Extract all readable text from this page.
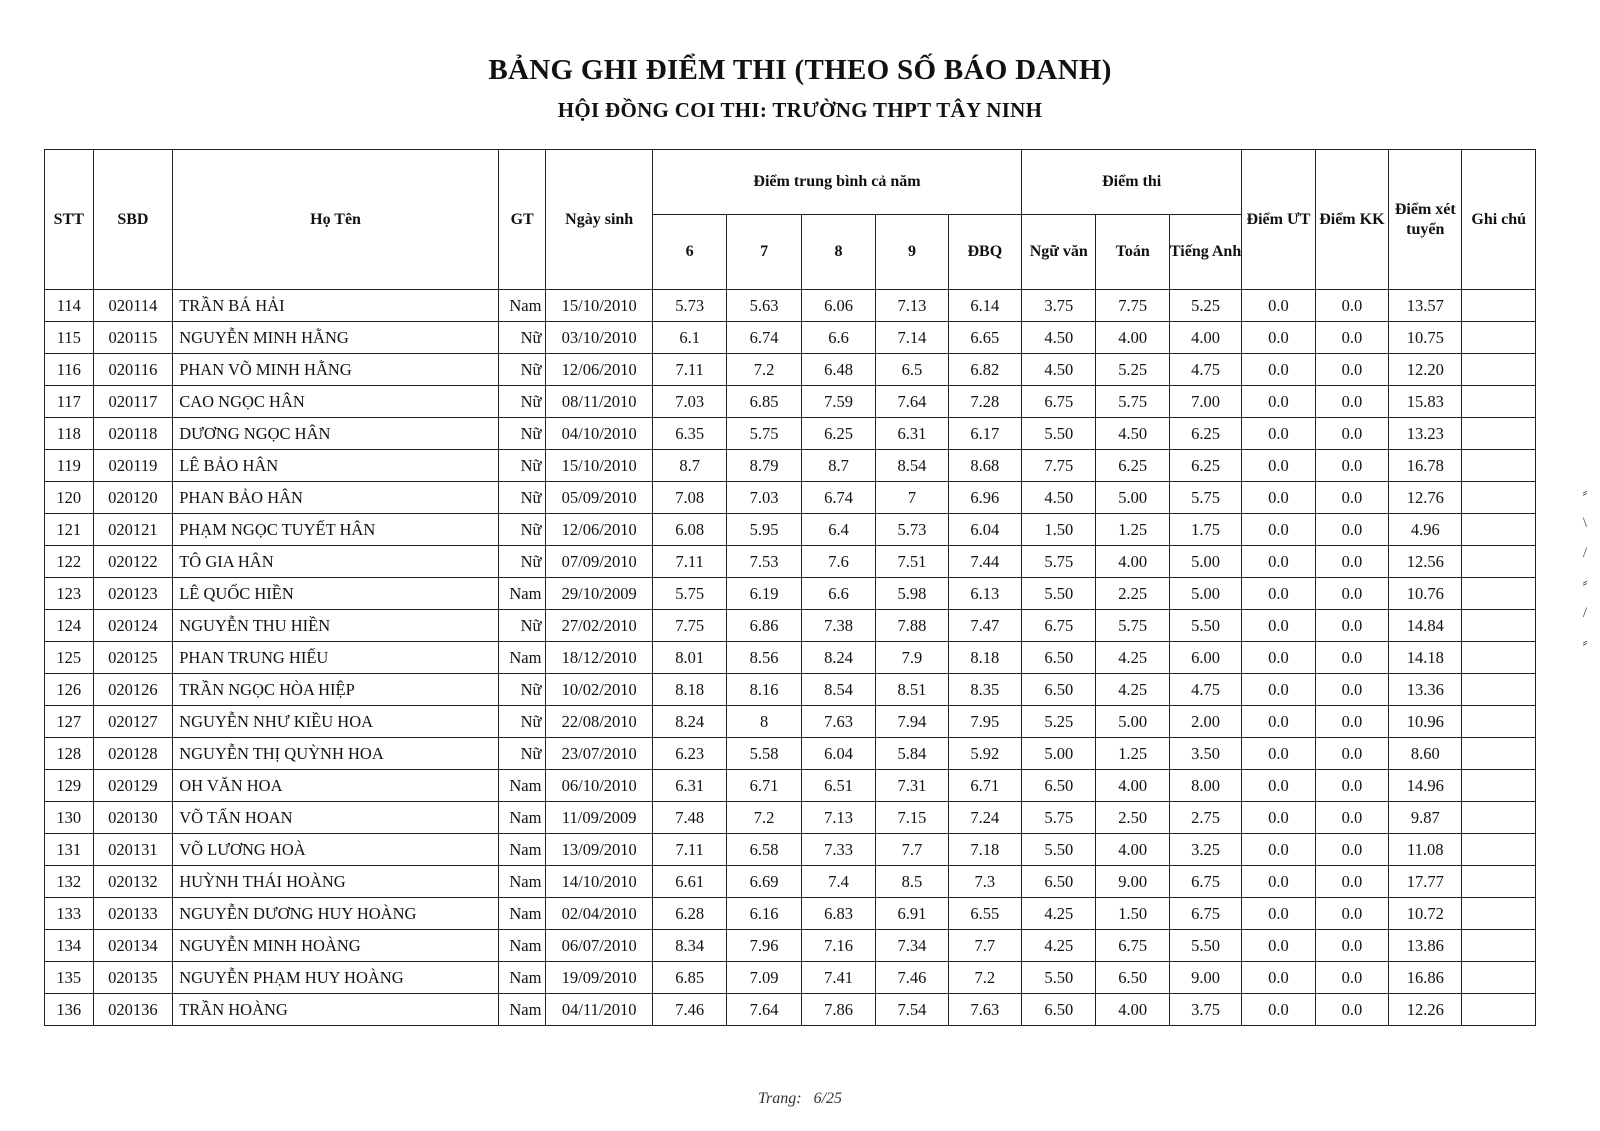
BẢNG GHI ĐIỂM THI (THEO SỐ BÁO DANH)
HỘI ĐỒNG COI THI: TRƯỜNG THPT TÂY NINH
STT	SBD	Họ Tên	GT	Ngày sinh	Điểm trung bình cả năm					Điểm thi			Điểm ƯT	Điểm KK	Điểm xét tuyển	Ghi chú
					6	7	8	9	ĐBQ	Ngữ văn	Toán	Tiếng Anh				
114	020114	TRẦN BÁ HẢI	Nam	15/10/2010	5.73	5.63	6.06	7.13	6.14	3.75	7.75	5.25	0.0	0.0	13.57	
115	020115	NGUYỄN MINH HẰNG	Nữ	03/10/2010	6.1	6.74	6.6	7.14	6.65	4.50	4.00	4.00	0.0	0.0	10.75	
116	020116	PHAN VÕ MINH HẰNG	Nữ	12/06/2010	7.11	7.2	6.48	6.5	6.82	4.50	5.25	4.75	0.0	0.0	12.20	
117	020117	CAO NGỌC HÂN	Nữ	08/11/2010	7.03	6.85	7.59	7.64	7.28	6.75	5.75	7.00	0.0	0.0	15.83	
118	020118	DƯƠNG NGỌC HÂN	Nữ	04/10/2010	6.35	5.75	6.25	6.31	6.17	5.50	4.50	6.25	0.0	0.0	13.23	
119	020119	LÊ BẢO HÂN	Nữ	15/10/2010	8.7	8.79	8.7	8.54	8.68	7.75	6.25	6.25	0.0	0.0	16.78	
120	020120	PHAN BẢO HÂN	Nữ	05/09/2010	7.08	7.03	6.74	7	6.96	4.50	5.00	5.75	0.0	0.0	12.76	
121	020121	PHẠM NGỌC TUYẾT HÂN	Nữ	12/06/2010	6.08	5.95	6.4	5.73	6.04	1.50	1.25	1.75	0.0	0.0	4.96	
122	020122	TÔ GIA HÂN	Nữ	07/09/2010	7.11	7.53	7.6	7.51	7.44	5.75	4.00	5.00	0.0	0.0	12.56	
123	020123	LÊ QUỐC HIỀN	Nam	29/10/2009	5.75	6.19	6.6	5.98	6.13	5.50	2.25	5.00	0.0	0.0	10.76	
124	020124	NGUYỄN THU HIỀN	Nữ	27/02/2010	7.75	6.86	7.38	7.88	7.47	6.75	5.75	5.50	0.0	0.0	14.84	
125	020125	PHAN TRUNG HIẾU	Nam	18/12/2010	8.01	8.56	8.24	7.9	8.18	6.50	4.25	6.00	0.0	0.0	14.18	
126	020126	TRẦN NGỌC HÒA HIỆP	Nữ	10/02/2010	8.18	8.16	8.54	8.51	8.35	6.50	4.25	4.75	0.0	0.0	13.36	
127	020127	NGUYỄN NHƯ KIỀU HOA	Nữ	22/08/2010	8.24	8	7.63	7.94	7.95	5.25	5.00	2.00	0.0	0.0	10.96	
128	020128	NGUYỄN THỊ QUỲNH HOA	Nữ	23/07/2010	6.23	5.58	6.04	5.84	5.92	5.00	1.25	3.50	0.0	0.0	8.60	
129	020129	OH VĂN HOA	Nam	06/10/2010	6.31	6.71	6.51	7.31	6.71	6.50	4.00	8.00	0.0	0.0	14.96	
130	020130	VÕ TẤN HOAN	Nam	11/09/2009	7.48	7.2	7.13	7.15	7.24	5.75	2.50	2.75	0.0	0.0	9.87	
131	020131	VÕ LƯƠNG HOÀ	Nam	13/09/2010	7.11	6.58	7.33	7.7	7.18	5.50	4.00	3.25	0.0	0.0	11.08	
132	020132	HUỲNH THÁI HOÀNG	Nam	14/10/2010	6.61	6.69	7.4	8.5	7.3	6.50	9.00	6.75	0.0	0.0	17.77	
133	020133	NGUYỄN DƯƠNG HUY HOÀNG	Nam	02/04/2010	6.28	6.16	6.83	6.91	6.55	4.25	1.50	6.75	0.0	0.0	10.72	
134	020134	NGUYỄN MINH HOÀNG	Nam	06/07/2010	8.34	7.96	7.16	7.34	7.7	4.25	6.75	5.50	0.0	0.0	13.86	
135	020135	NGUYỄN PHẠM HUY HOÀNG	Nam	19/09/2010	6.85	7.09	7.41	7.46	7.2	5.50	6.50	9.00	0.0	0.0	16.86	
136	020136	TRẦN HOÀNG	Nam	04/11/2010	7.46	7.64	7.86	7.54	7.63	6.50	4.00	3.75	0.0	0.0	12.26	
Trang: 6/25
⸗
\
/
⸗
/
⸗
